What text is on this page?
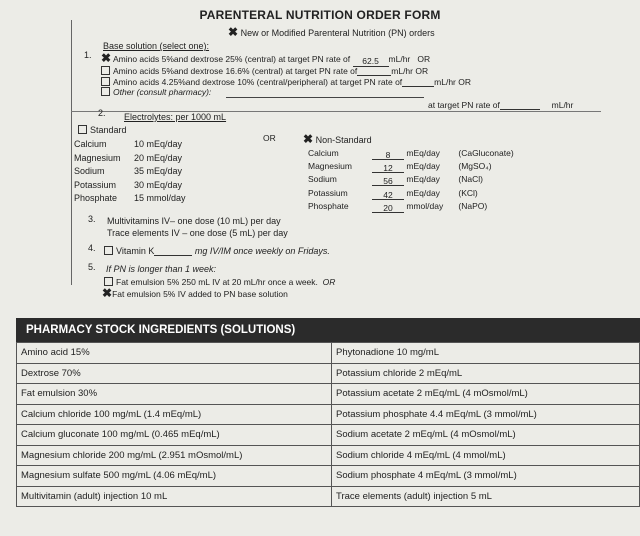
PARENTERAL NUTRITION ORDER FORM
✖ New or Modified Parenteral Nutrition (PN) orders
Base solution (select one):
1. ✖ Amino acids 5%and dextrose 25% (central) at target PN rate of 62.5 mL/hr OR
Amino acids 5%and dextrose 16.6% (central) at target PN rate of	mL/hr OR
Amino acids 4.25%and dextrose 10% (central/peripheral) at target PN rate of	mL/hr OR
Other (consult pharmacy):
at target PN rate of	mL/hr
2. Electrolytes: per 1000 mL
Standard
OR ✖ Non-Standard
Calcium	10 mEq/day
Magnesium 20 mEq/day
Sodium	35 mEq/day
Potassium 30 mEq/day
Phosphate 15 mmol/day
Calcium	8 mEq/day (CaGluconate)
Magnesium	12 mEq/day (MgSO₄)
Sodium	56 mEq/day (NaCl)
Potassium	42 mEq/day (KCl)
Phosphate	20 mmol/day (NaPO)
3. Multivitamins IV– one dose (10 mL) per day
Trace elements IV – one dose (5 mL) per day
4.	Vitamin K	mg IV/IM once weekly on Fridays.
5. If PN is longer than 1 week:
Fat emulsion 5% 250 mL IV at 20 mL/hr once a week. OR
✖Fat emulsion 5% IV added to PN base solution
PHARMACY STOCK INGREDIENTS (SOLUTIONS)
Amino acid 15%	Phytonadione 10 mg/mL
Dextrose 70%	Potassium chloride 2 mEq/mL
Fat emulsion 30%	Potassium acetate 2 mEq/mL (4 mOsmol/mL)
Calcium chloride 100 mg/mL (1.4 mEq/mL)	Potassium phosphate 4.4 mEq/mL (3 mmol/mL)
Calcium gluconate 100 mg/mL (0.465 mEq/mL)	Sodium acetate 2 mEq/mL (4 mOsmol/mL)
Magnesium chloride 200 mg/mL (2.951 mOsmol/mL)	Sodium chloride 4 mEq/mL (4 mmol/mL)
Magnesium sulfate 500 mg/mL (4.06 mEq/mL)	Sodium phosphate 4 mEq/mL (3 mmol/mL)
Multivitamin (adult) injection 10 mL	Trace elements (adult) injection 5 mL
